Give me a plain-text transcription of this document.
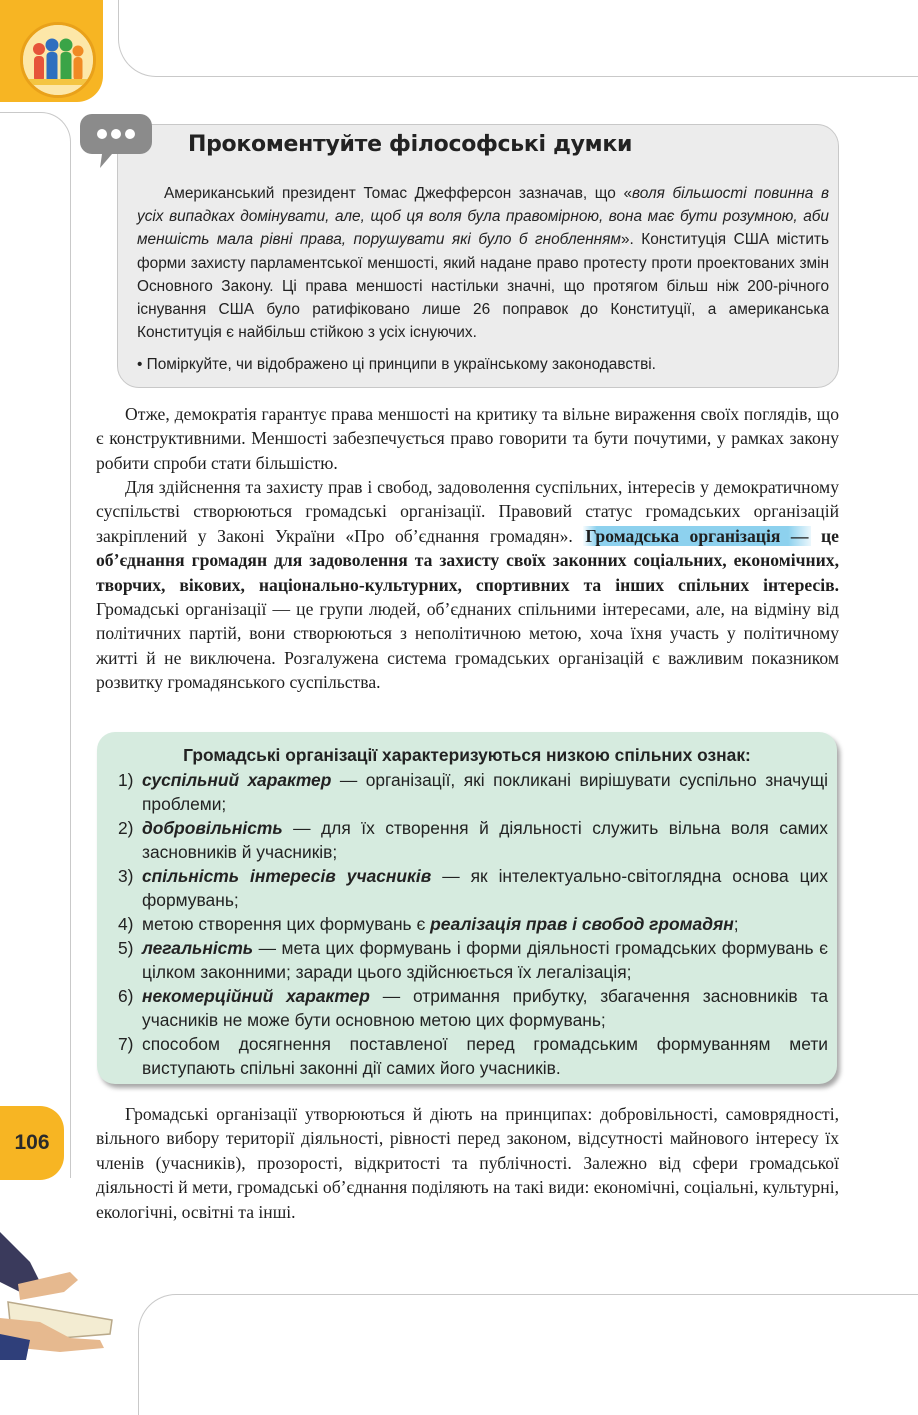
Прокоментуйте філософські думки
Американський президент Томас Джефферсон зазначав, що «воля більшості повинна в усіх випадках домінувати, але, щоб ця воля була правомірною, вона має бути розумною, аби меншість мала рівні права, порушувати які було б гнобленням». Конституція США містить форми захисту парламентської меншості, який надане право протесту проти проектованих змін Основного Закону. Ці права меншості настільки значні, що протягом більш ніж 200-річного існування США було ратифіковано лише 26 поправок до Конституції, а американська Конституція є найбільш стійкою з усіх існуючих.
• Поміркуйте, чи відображено ці принципи в українському законодавстві.

Отже, демократія гарантує права меншості на критику та вільне вираження своїх поглядів, що є конструктивними. Меншості забезпечується право говорити та бути почутими, у рамках закону робити спроби стати більшістю.

Для здійснення та захисту прав і свобод, задоволення суспільних, інтересів у демократичному суспільстві створюються громадські організації. Правовий статус громадських організацій закріплений у Законі України «Про об’єднання громадян». Громадська організація — це об’єднання громадян для задоволення та захисту своїх законних соціальних, економічних, творчих, вікових, національно-культурних, спортивних та інших спільних інтересів. Громадські організації — це групи людей, об’єднаних спільними інтересами, але, на відміну від політичних партій, вони створюються з неполітичною метою, хоча їхня участь у політичному житті й не виключена. Розгалужена система громадських організацій є важливим показником розвитку громадянського суспільства.

Громадські організації характеризуються низкою спільних ознак:
1) суспільний характер — організації, які покликані вирішувати суспільно значущі проблеми;
2) добровільність — для їх створення й діяльності служить вільна воля самих засновників й учасників;
3) спільність інтересів учасників — як інтелектуально-світоглядна основа цих формувань;
4) метою створення цих формувань є реалізація прав і свобод громадян;
5) легальність — мета цих формувань і форми діяльності громадських формувань є цілком законними; заради цього здійснюється їх легалізація;
6) некомерційний характер — отримання прибутку, збагачення засновників та учасників не може бути основною метою цих формувань;
7) способом досягнення поставленої перед громадським формуванням мети виступають спільні законні дії самих його учасників.

Громадські організації утворюються й діють на принципах: добровільності, самоврядності, вільного вибору території діяльності, рівності перед законом, відсутності майнового інтересу їх членів (учасників), прозорості, відкритості та публічності. Залежно від сфери громадської діяльності й мети, громадські об’єднання поділяють на такі види: економічні, соціальні, культурні, екологічні, освітні та інші.

106
